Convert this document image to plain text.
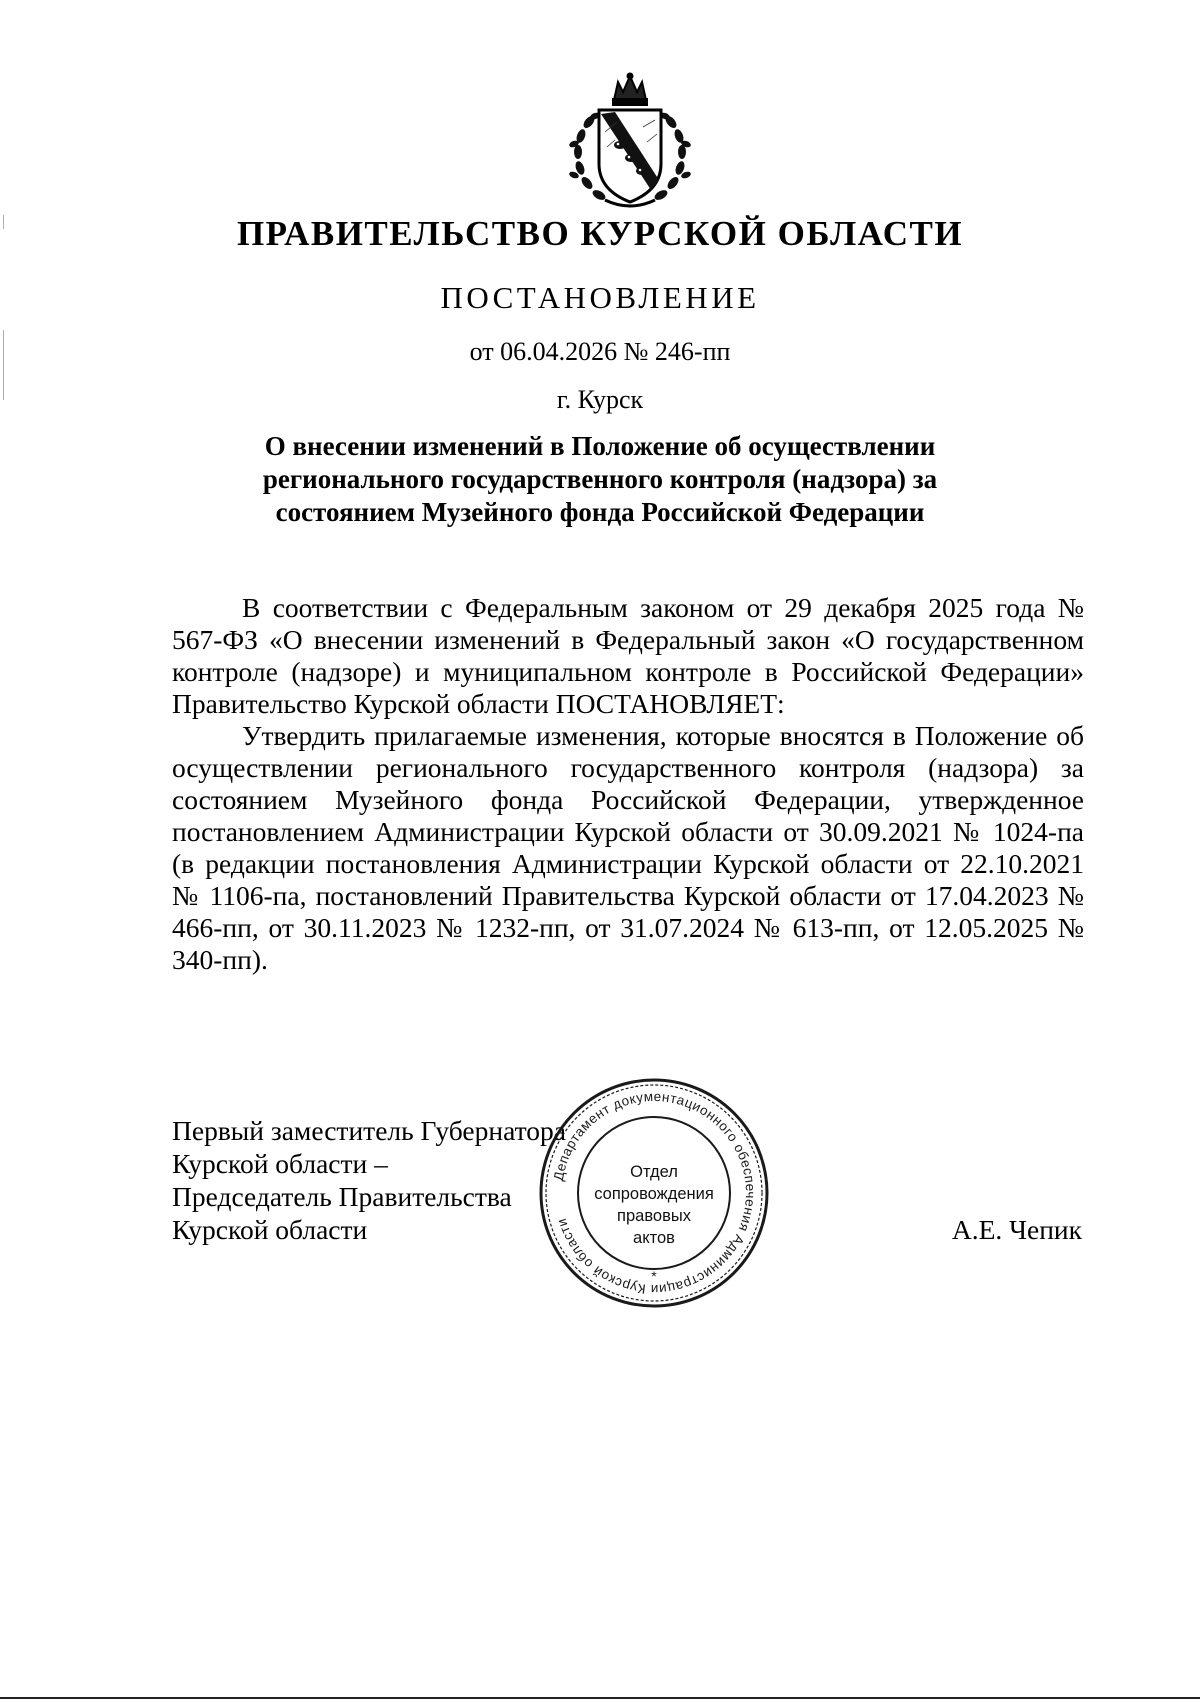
ПРАВИТЕЛЬСТВО КУРСКОЙ ОБЛАСТИ
ПОСТАНОВЛЕНИЕ
от 06.04.2026 № 246-пп
г. Курск
О внесении изменений в Положение об осуществлении
регионального государственного контроля (надзора) за
состоянием Музейного фонда Российской Федерации

В соответствии с Федеральным законом от 29 декабря 2025 года № 567-ФЗ «О внесении изменений в Федеральный закон «О государственном контроле (надзоре) и муниципальном контроле в Российской Федерации» Правительство Курской области ПОСТАНОВЛЯЕТ:

Утвердить прилагаемые изменения, которые вносятся в Положение об осуществлении регионального государственного контроля (надзора) за состоянием Музейного фонда Российской Федерации, утвержденное постановлением Администрации Курской области от 30.09.2021 № 1024-па (в редакции постановления Администрации Курской области от 22.10.2021 № 1106-па, постановлений Правительства Курской области от 17.04.2023 № 466-пп, от 30.11.2023 № 1232-пп, от 31.07.2024 № 613-пп, от 12.05.2025 № 340-пп).

Первый заместитель Губернатора
Курской области –
Председатель Правительства
Курской области	А.Е. Чепик
Департамент документационного обеспечения Администрации Курской области
*
Отдел
сопровождения
правовых
актов
